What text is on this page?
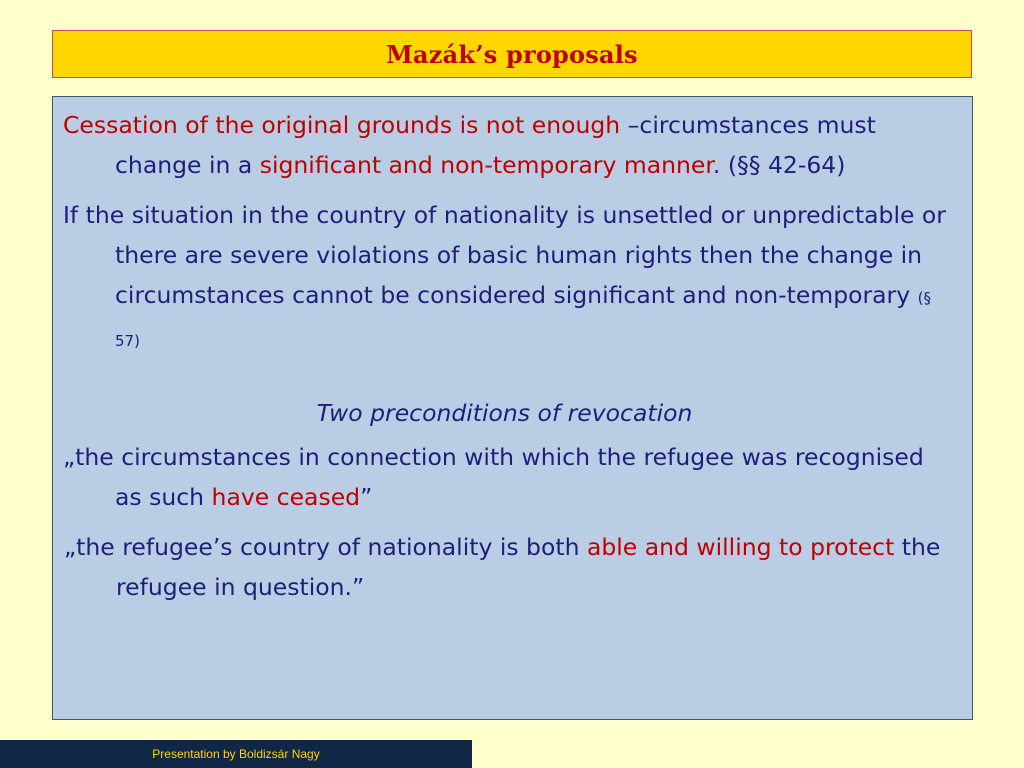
Mazák’s proposals

Cessation of the original grounds is not enough –circumstances must change in a significant and non-temporary manner. (§§ 42-64)

If the situation in the country of nationality is unsettled or unpredictable or there are severe violations of basic human rights then the change in circumstances cannot be considered significant and non-temporary (§ 57)

Two preconditions of revocation

„the circumstances in connection with which the refugee was recognised as such have ceased”

„the refugee’s country of nationality is both able and willing to protect the refugee in question.”

Presentation by Boldizsár Nagy
